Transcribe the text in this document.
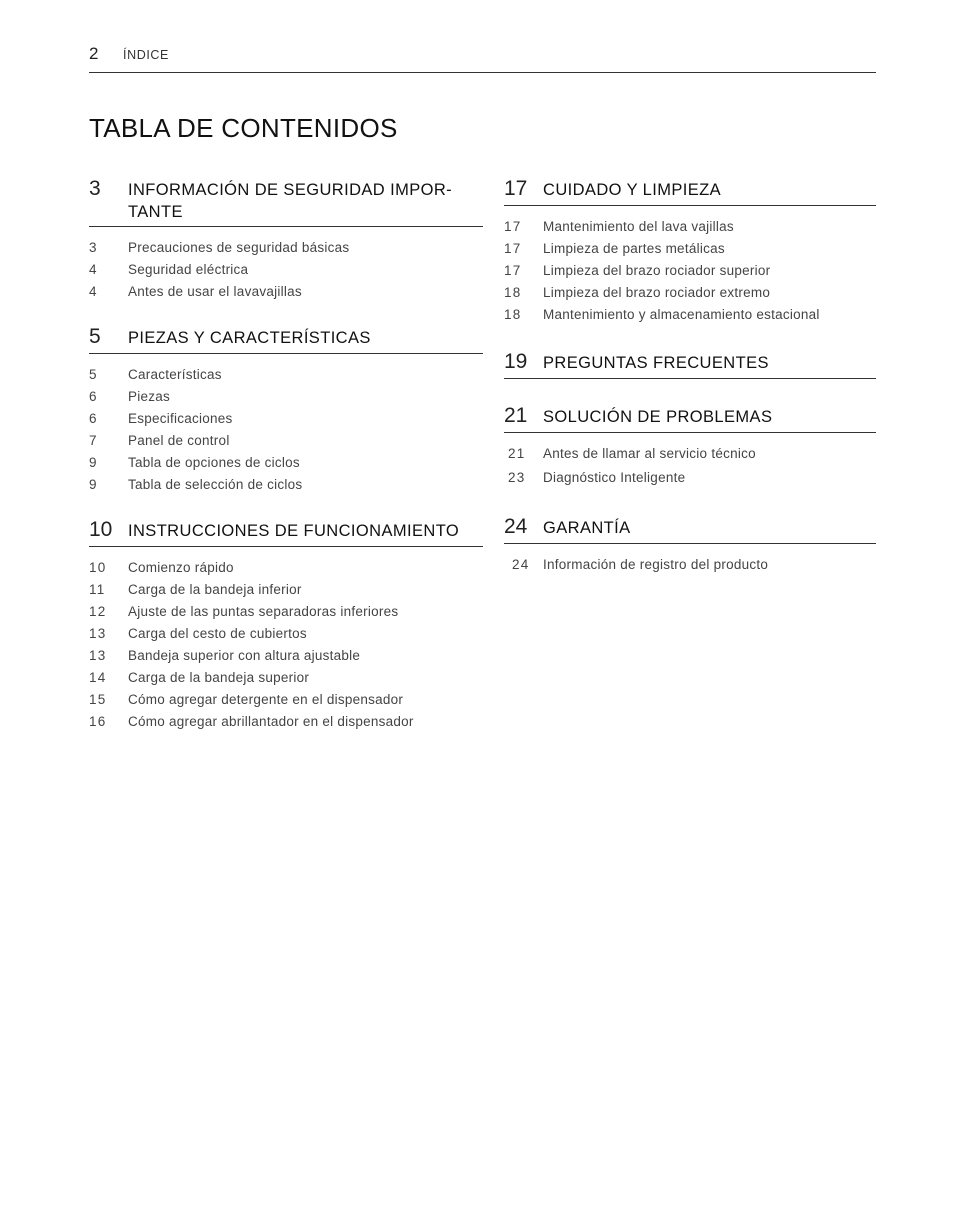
2 ÍNDICE
TABLA DE CONTENIDOS
3	INFORMACIÓN DE SEGURIDAD IMPOR-
TANTE
3	Precauciones de seguridad básicas
4	Seguridad eléctrica
4	Antes de usar el lavavajillas
5	PIEZAS Y CARACTERÍSTICAS
5	Características
6	Piezas
6	Especificaciones
7	Panel de control
9	Tabla de opciones de ciclos
9	Tabla de selección de ciclos
10 INSTRUCCIONES DE FUNCIONAMIENTO
10	Comienzo rápido
11	Carga de la bandeja inferior
12	Ajuste de las puntas separadoras inferiores
13	Carga del cesto de cubiertos
13	Bandeja superior con altura ajustable
14	Carga de la bandeja superior
15	Cómo agregar detergente en el dispensador
16	Cómo agregar abrillantador en el dispensador
17 CUIDADO Y LIMPIEZA
17	Mantenimiento del lava vajillas
17	Limpieza de partes metálicas
17	Limpieza del brazo rociador superior
18	Limpieza del brazo rociador extremo
18	Mantenimiento y almacenamiento estacional
19 PREGUNTAS FRECUENTES
21 SOLUCIÓN DE PROBLEMAS
21	Antes de llamar al servicio técnico
23	Diagnóstico Inteligente
24 GARANTÍA
24	Información de registro del producto
